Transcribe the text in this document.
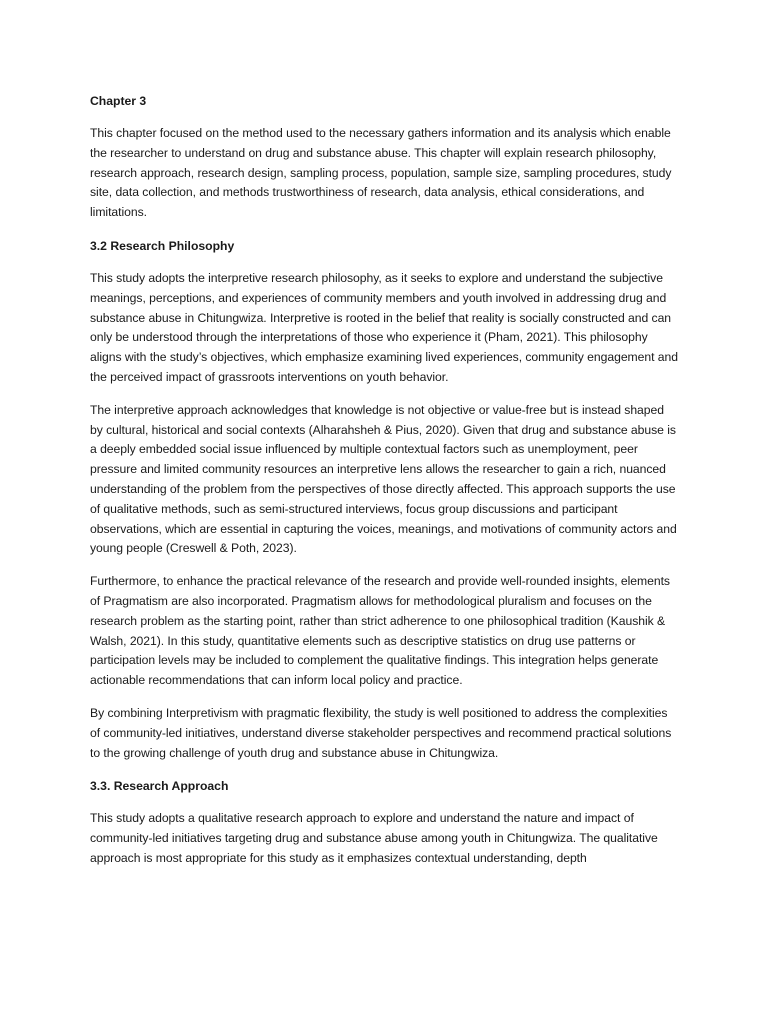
Chapter 3
This chapter focused on the method used to the necessary gathers information and its analysis which enable the researcher to understand on drug and substance abuse. This chapter will explain research philosophy, research approach, research design, sampling process, population, sample size, sampling procedures, study site, data collection, and methods trustworthiness of research, data analysis, ethical considerations, and limitations.
3.2 Research Philosophy
This study adopts the interpretive research philosophy, as it seeks to explore and understand the subjective meanings, perceptions, and experiences of community members and youth involved in addressing drug and substance abuse in Chitungwiza. Interpretive is rooted in the belief that reality is socially constructed and can only be understood through the interpretations of those who experience it (Pham, 2021). This philosophy aligns with the study’s objectives, which emphasize examining lived experiences, community engagement and the perceived impact of grassroots interventions on youth behavior.
The interpretive approach acknowledges that knowledge is not objective or value-free but is instead shaped by cultural, historical and social contexts (Alharahsheh & Pius, 2020). Given that drug and substance abuse is a deeply embedded social issue influenced by multiple contextual factors such as unemployment, peer pressure and limited community resources an interpretive lens allows the researcher to gain a rich, nuanced understanding of the problem from the perspectives of those directly affected. This approach supports the use of qualitative methods, such as semi-structured interviews, focus group discussions and participant observations, which are essential in capturing the voices, meanings, and motivations of community actors and young people (Creswell & Poth, 2023).
Furthermore, to enhance the practical relevance of the research and provide well-rounded insights, elements of Pragmatism are also incorporated. Pragmatism allows for methodological pluralism and focuses on the research problem as the starting point, rather than strict adherence to one philosophical tradition (Kaushik & Walsh, 2021). In this study, quantitative elements such as descriptive statistics on drug use patterns or participation levels may be included to complement the qualitative findings. This integration helps generate actionable recommendations that can inform local policy and practice.
By combining Interpretivism with pragmatic flexibility, the study is well positioned to address the complexities of community-led initiatives, understand diverse stakeholder perspectives and recommend practical solutions to the growing challenge of youth drug and substance abuse in Chitungwiza.
3.3. Research Approach
This study adopts a qualitative research approach to explore and understand the nature and impact of community-led initiatives targeting drug and substance abuse among youth in Chitungwiza. The qualitative approach is most appropriate for this study as it emphasizes contextual understanding, depth
